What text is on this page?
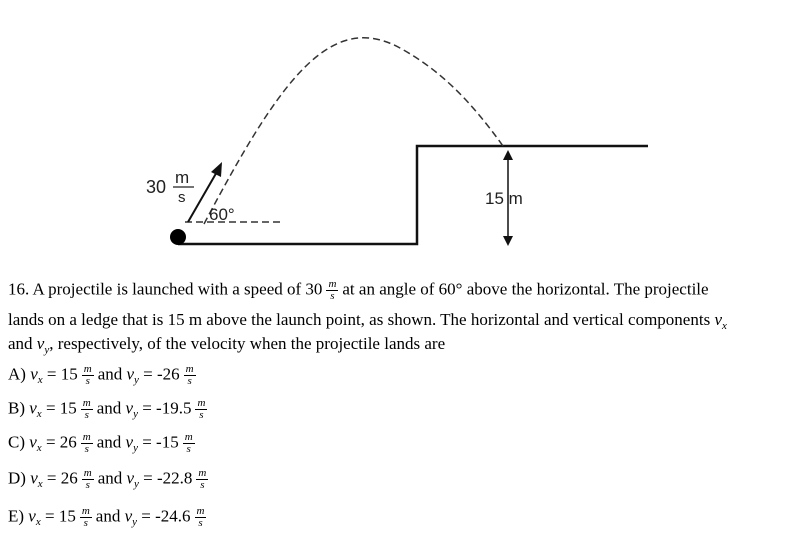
30 m
s
60°
15 m
16. A projectile is launched with a speed of $30 \frac{m}{s}$ at an angle of 60° above the horizontal. The projectile
lands on a ledge that is 15 m above the launch point, as shown. The horizontal and vertical components $v_x$
and $v_y$, respectively, of the velocity when the projectile lands are
A) $v_x = 15 \frac{m}{s}$ and $v_y = -26 \frac{m}{s}$
B) $v_x = 15 \frac{m}{s}$ and $v_y = -19.5 \frac{m}{s}$
C) $v_x = 26 \frac{m}{s}$ and $v_y = -15 \frac{m}{s}$
D) $v_x = 26 \frac{m}{s}$ and $v_y = -22.8 \frac{m}{s}$
E) $v_x = 15 \frac{m}{s}$ and $v_y = -24.6 \frac{m}{s}$
